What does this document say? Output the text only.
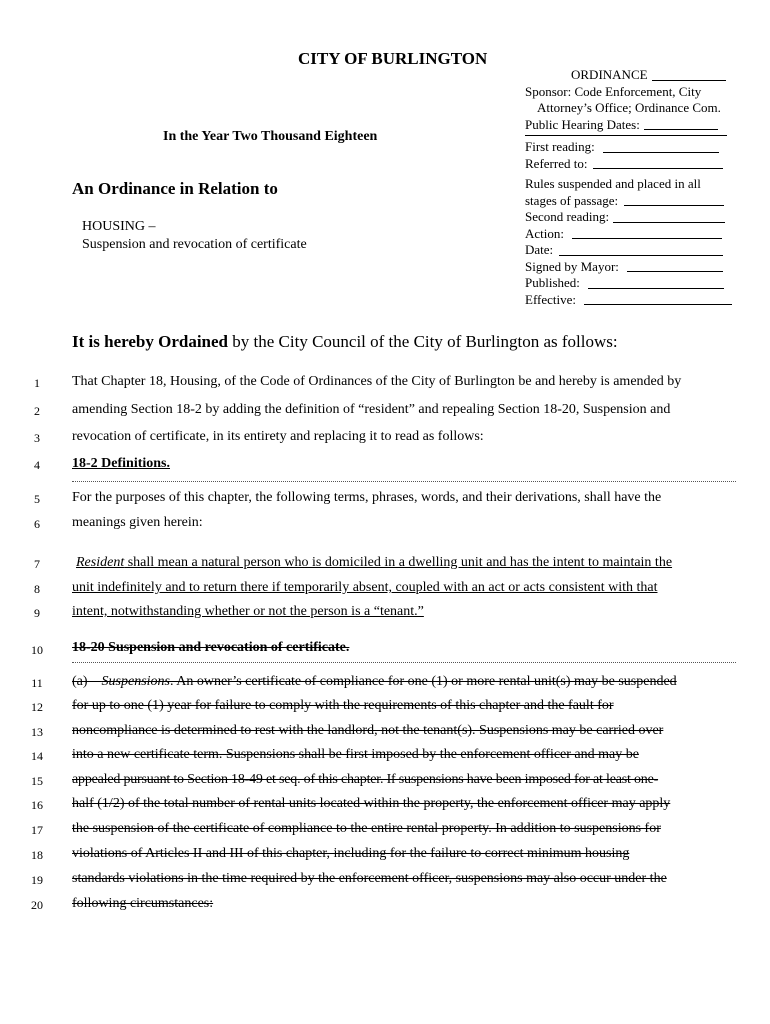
CITY OF BURLINGTON
In the Year Two Thousand Eighteen
An Ordinance in Relation to
HOUSING –
Suspension and revocation of certificate
ORDINANCE
Sponsor: Code Enforcement, City
Attorney’s Office; Ordinance Com.
Public Hearing Dates:
First reading:
Referred to:
Rules suspended and placed in all
stages of passage:
Second reading:
Action:
Date:
Signed by Mayor:
Published:
Effective:
It is hereby Ordained by the City Council of the City of Burlington as follows:
1	That Chapter 18, Housing, of the Code of Ordinances of the City of Burlington be and hereby is amended by
2	amending Section 18-2 by adding the definition of “resident” and repealing Section 18-20, Suspension and
3	revocation of certificate, in its entirety and replacing it to read as follows:
4	18-2 Definitions.
5	For the purposes of this chapter, the following terms, phrases, words, and their derivations, shall have the
6	meanings given herein:
7	Resident shall mean a natural person who is domiciled in a dwelling unit and has the intent to maintain the
8	unit indefinitely and to return there if temporarily absent, coupled with an act or acts consistent with that
9	intent, notwithstanding whether or not the person is a “tenant.”
10	18-20 Suspension and revocation of certificate.
11	(a)    Suspensions. An owner’s certificate of compliance for one (1) or more rental unit(s) may be suspended
12	for up to one (1) year for failure to comply with the requirements of this chapter and the fault for
13	noncompliance is determined to rest with the landlord, not the tenant(s). Suspensions may be carried over
14	into a new certificate term. Suspensions shall be first imposed by the enforcement officer and may be
15	appealed pursuant to Section 18-49 et seq. of this chapter. If suspensions have been imposed for at least one-
16	half (1/2) of the total number of rental units located within the property, the enforcement officer may apply
17	the suspension of the certificate of compliance to the entire rental property. In addition to suspensions for
18	violations of Articles II and III of this chapter, including for the failure to correct minimum housing
19	standards violations in the time required by the enforcement officer, suspensions may also occur under the
20	following circumstances:
